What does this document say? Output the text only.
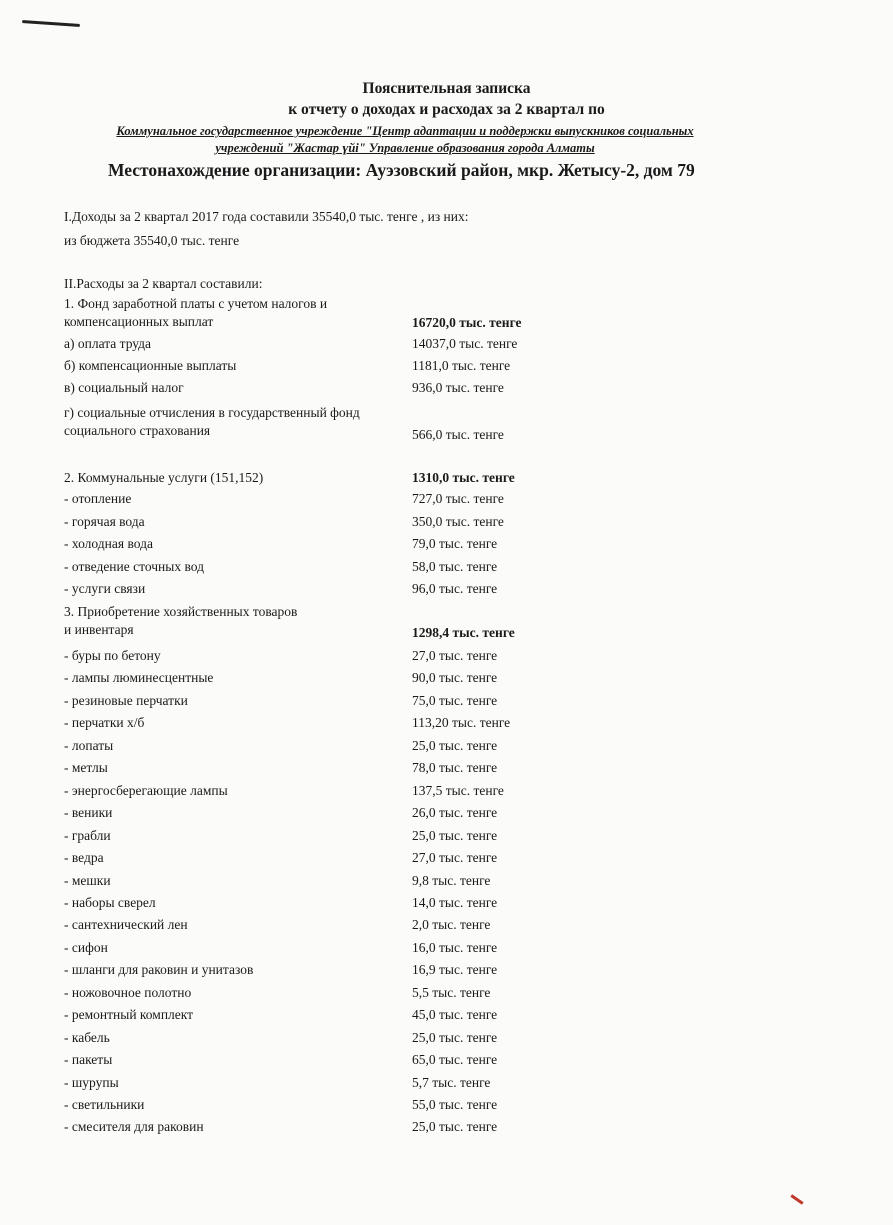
Пояснительная записка
к отчету о доходах и расходах за 2 квартал по
Коммунальное государственное учреждение "Центр адаптации и поддержки выпускников социальных
учреждений "Жастар үйі" Управление образования города Алматы
Местонахождение организации: Ауэзовский район, мкр. Жетысу-2, дом 79
I.Доходы за 2 квартал 2017 года составили 35540,0 тыс. тенге , из них:
из бюджета 35540,0 тыс. тенге
II.Расходы за 2 квартал составили:
1. Фонд заработной платы с учетом налогов и
компенсационных выплат	16720,0 тыс. тенге
а) оплата труда	14037,0 тыс. тенге
б) компенсационные выплаты	1181,0 тыс. тенге
в) социальный налог	936,0 тыс. тенге
г) социальные отчисления в государственный фонд
социального страхования	566,0 тыс. тенге
2. Коммунальные услуги (151,152)	1310,0 тыс. тенге
- отопление	727,0 тыс. тенге
- горячая вода	350,0 тыс. тенге
- холодная вода	79,0 тыс. тенге
- отведение сточных вод	58,0 тыс. тенге
- услуги связи	96,0 тыс. тенге
3. Приобретение хозяйственных товаров
и инвентаря	1298,4 тыс. тенге
- буры по бетону	27,0 тыс. тенге
- лампы люминесцентные	90,0 тыс. тенге
- резиновые перчатки	75,0 тыс. тенге
- перчатки х/б	113,20 тыс. тенге
- лопаты	25,0 тыс. тенге
- метлы	78,0 тыс. тенге
- энергосберегающие лампы	137,5 тыс. тенге
- веники	26,0 тыс. тенге
- грабли	25,0 тыс. тенге
- ведра	27,0 тыс. тенге
- мешки	9,8 тыс. тенге
- наборы сверел	14,0 тыс. тенге
- сантехнический лен	2,0 тыс. тенге
- сифон	16,0 тыс. тенге
- шланги для раковин и унитазов	16,9 тыс. тенге
- ножовочное полотно	5,5 тыс. тенге
- ремонтный комплект	45,0 тыс. тенге
- кабель	25,0 тыс. тенге
- пакеты	65,0 тыс. тенге
- шурупы	5,7 тыс. тенге
- светильники	55,0 тыс. тенге
- смесителя для раковин	25,0 тыс. тенге
